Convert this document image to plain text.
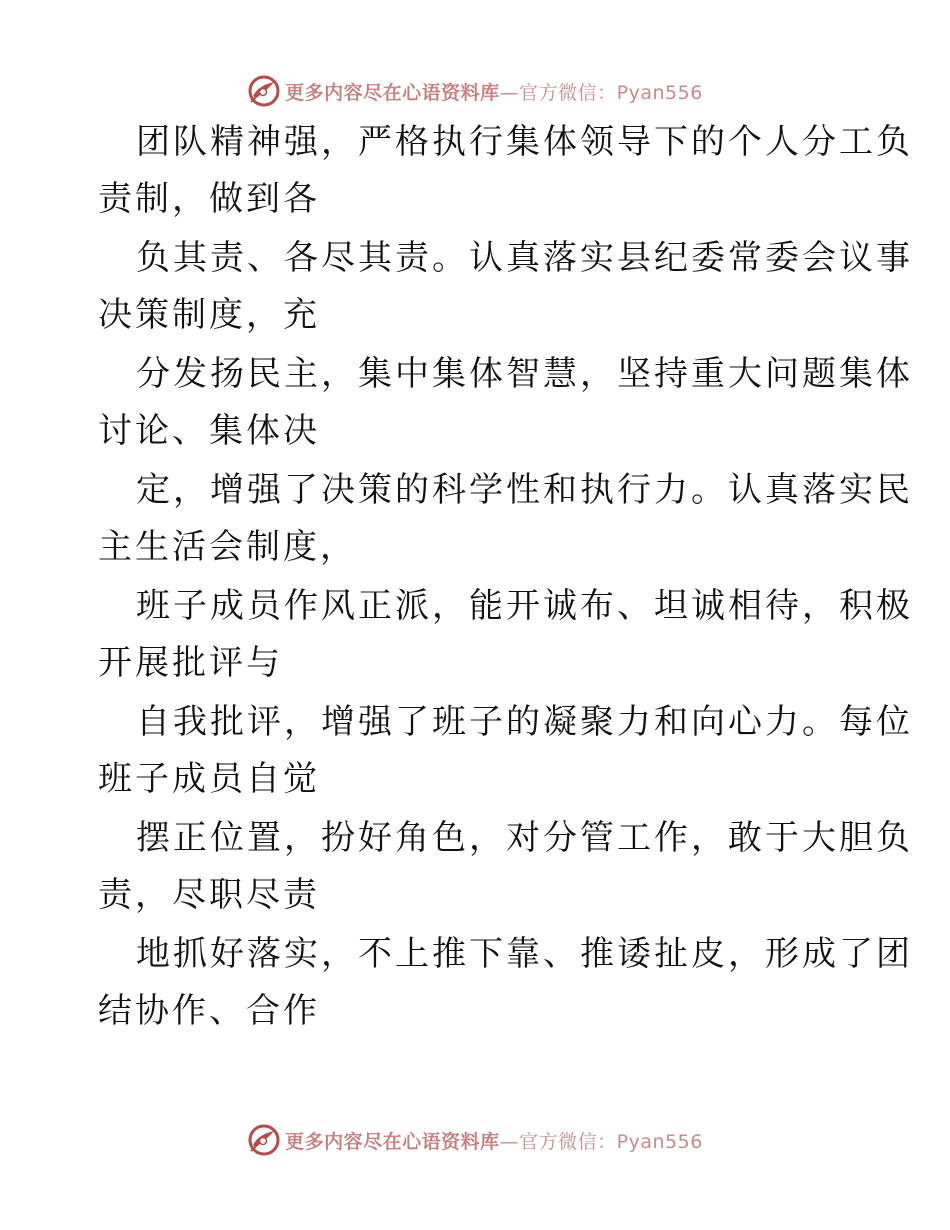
更多内容尽在心语资料库—官方微信：Pyan556
团队精神强，严格执行集体领导下的个人分工负
责制，做到各
负其责、各尽其责。认真落实县纪委常委会议事
决策制度，充
分发扬民主，集中集体智慧，坚持重大问题集体
讨论、集体决
定，增强了决策的科学性和执行力。认真落实民
主生活会制度，
班子成员作风正派，能开诚布、坦诚相待，积极
开展批评与
自我批评，增强了班子的凝聚力和向心力。每位
班子成员自觉
摆正位置，扮好角色，对分管工作，敢于大胆负
责，尽职尽责
地抓好落实，不上推下靠、推诿扯皮，形成了团
结协作、合作
更多内容尽在心语资料库—官方微信：Pyan556
